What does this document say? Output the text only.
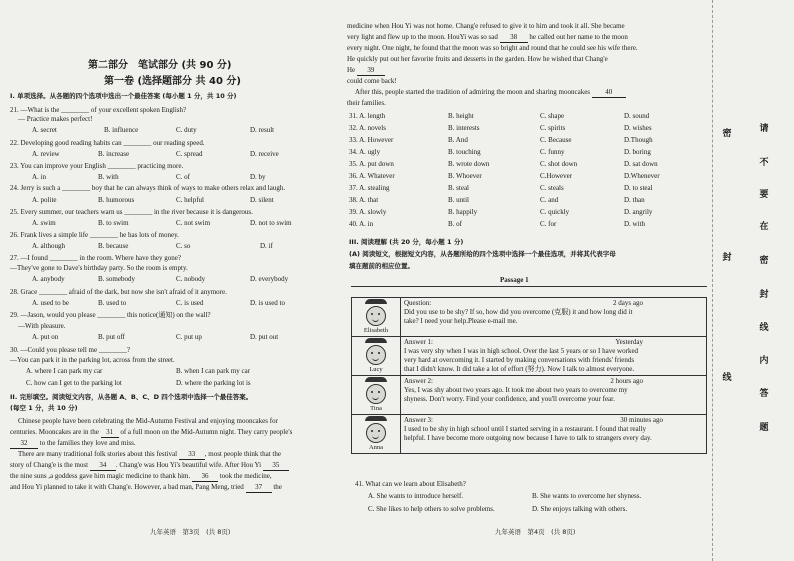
第二部分　笔试部分 (共 90 分)
第一卷 (选择题部分 共 40 分)
I. 单项选择。从各题的四个选项中选出一个最佳答案 (每小题 1 分，共 10 分)
21. —What is the ________ of your excellent spoken English?
— Practice makes perfect!
A. secret	B. influence	C. duty	D. result
22. Developing good reading habits can ________ our reading speed.
A. review	B. increase	C. spread	D. receive
23. You can improve your English ________ practicing more.
A. in	B. with	C. of	D. by
24. Jerry is such a ________ boy that he can always think of ways to make others relax and laugh.
A. polite	B. humorous	C. helpful	D. silent
25. Every summer, our teachers warn us ________ in the river because it is dangerous.
A. swim	B. to swim	C. not swim	D. not to swim
26. Frank lives a simple life ________ he has lots of money.
A. although	B. because	C. so	D. if
27. —I found ________ in the room. Where have they gone?
—They've gone to Dave's birthday party. So the room is empty.
A. anybody	B. somebody	C. nobody	D. everybody
28. Grace ________ afraid of the dark, but now she isn't afraid of it anymore.
A. used to be	B. used to	C. is used	D. is used to
29. —Jason, would you please ________ this notice(通知) on the wall?
—With pleasure.
A. put on	B. put off	C. put up	D. put out
30. —Could you please tell me ________?
—You can park it in the parking lot, across from the street.
A. where I can park my car	B. when I can park my car
C. how can I get to the parking lot	D. where the parking lot is
II. 完形填空。阅读短文内容，从各题 A、B、C、D 四个选项中选择一个最佳答案。
(每空 1 分，共 10 分)
Chinese people have been celebrating the Mid-Autumn Festival and enjoying mooncakes for
centuries. Mooncakes are in the 31 of a full moon on the Mid-Autumn night. They carry people's
32 to the families they love and miss.
There are many traditional folk stories about this festival 33 , most people think that the
story of Chang'e is the most 34 . Chang'e was Hou Yi's beautiful wife. After Hou Yi 35
the nine suns ,a goddess gave him magic medicine to thank him. 36 took the medicine,
and Hou Yi planned to take it with Chang'e. However, a bad man, Pang Meng, tried 37 the
九年英语　第3页　(共 8页)
medicine when Hou Yi was not home. Chang'e refused to give it to him and took it all. She became
very light and flew up to the moon. HouYi was so sad 38 he called out her name to the moon
every night. One night, he found that the moon was so bright and round that he could see his wife there.
He quickly put out her favorite fruits and desserts in the garden. How he wished that Chang'e
He 39
could come back!
After this, people started the tradition of admiring the moon and sharing mooncakes 40
their families.
31. A. length	B. height	C. shape	D. sound
32. A. novels	B. interests	C. spirits	D. wishes
33. A. However	B. And	C. Because	D.Though
34. A. ugly	B. touching	C. funny	D. boring
35. A. put down	B. wrote down	C. shot down	D. sat down
36. A. Whatever	B. Whoever	C.However	D.Whenever
37. A. stealing	B. steal	C. steals	D. to steal
38. A. that	B. until	C. and	D. than
39. A. slowly	B. happily	C. quickly	D. angrily
40. A. in	B. of	C. for	D. with
III. 阅读理解 (共 20 分，每小题 1 分)
(A) 阅读短文，根据短文内容，从各题所给的四个选项中选择一个最佳选项，并将其代表字母
填在题前的相应位置。
Passage 1
Elisabeth	Question: 2 days ago
Did you use to be shy? If so, how did you overcome (克服) it and how long did it
take? I need your help.Please e-mail me.

Lucy	Answer 1: Yesterday
I was very shy when I was in high school. Over the last 5 years or so I have worked
very hard at overcoming it. I started by making conversations with friends' friends
that I didn't know. It did take a lot of effort (努力). Now I talk to almost everyone.

Tina	Answer 2: 2 hours ago
Yes, I was shy about two years ago. It took me about two years to overcome my
shyness. Don't worry. Find your confidence, and you'll overcome your fear.

Anna	Answer 3: 30 minutes ago
I used to be shy in high school until I started serving in a restaurant. I found that really
helpful. I have become more outgoing now because I have to talk to strangers every day.
41. What can we learn about Elisabeth?
A. She wants to introduce herself.	B. She wants to overcome her shyness.
C. She likes to help others to solve problems.	D. She enjoys talking with others.
九年英语　第4页　(共 8页)
密
封
线
请
不
要
在
密
封
线
内
答
题
